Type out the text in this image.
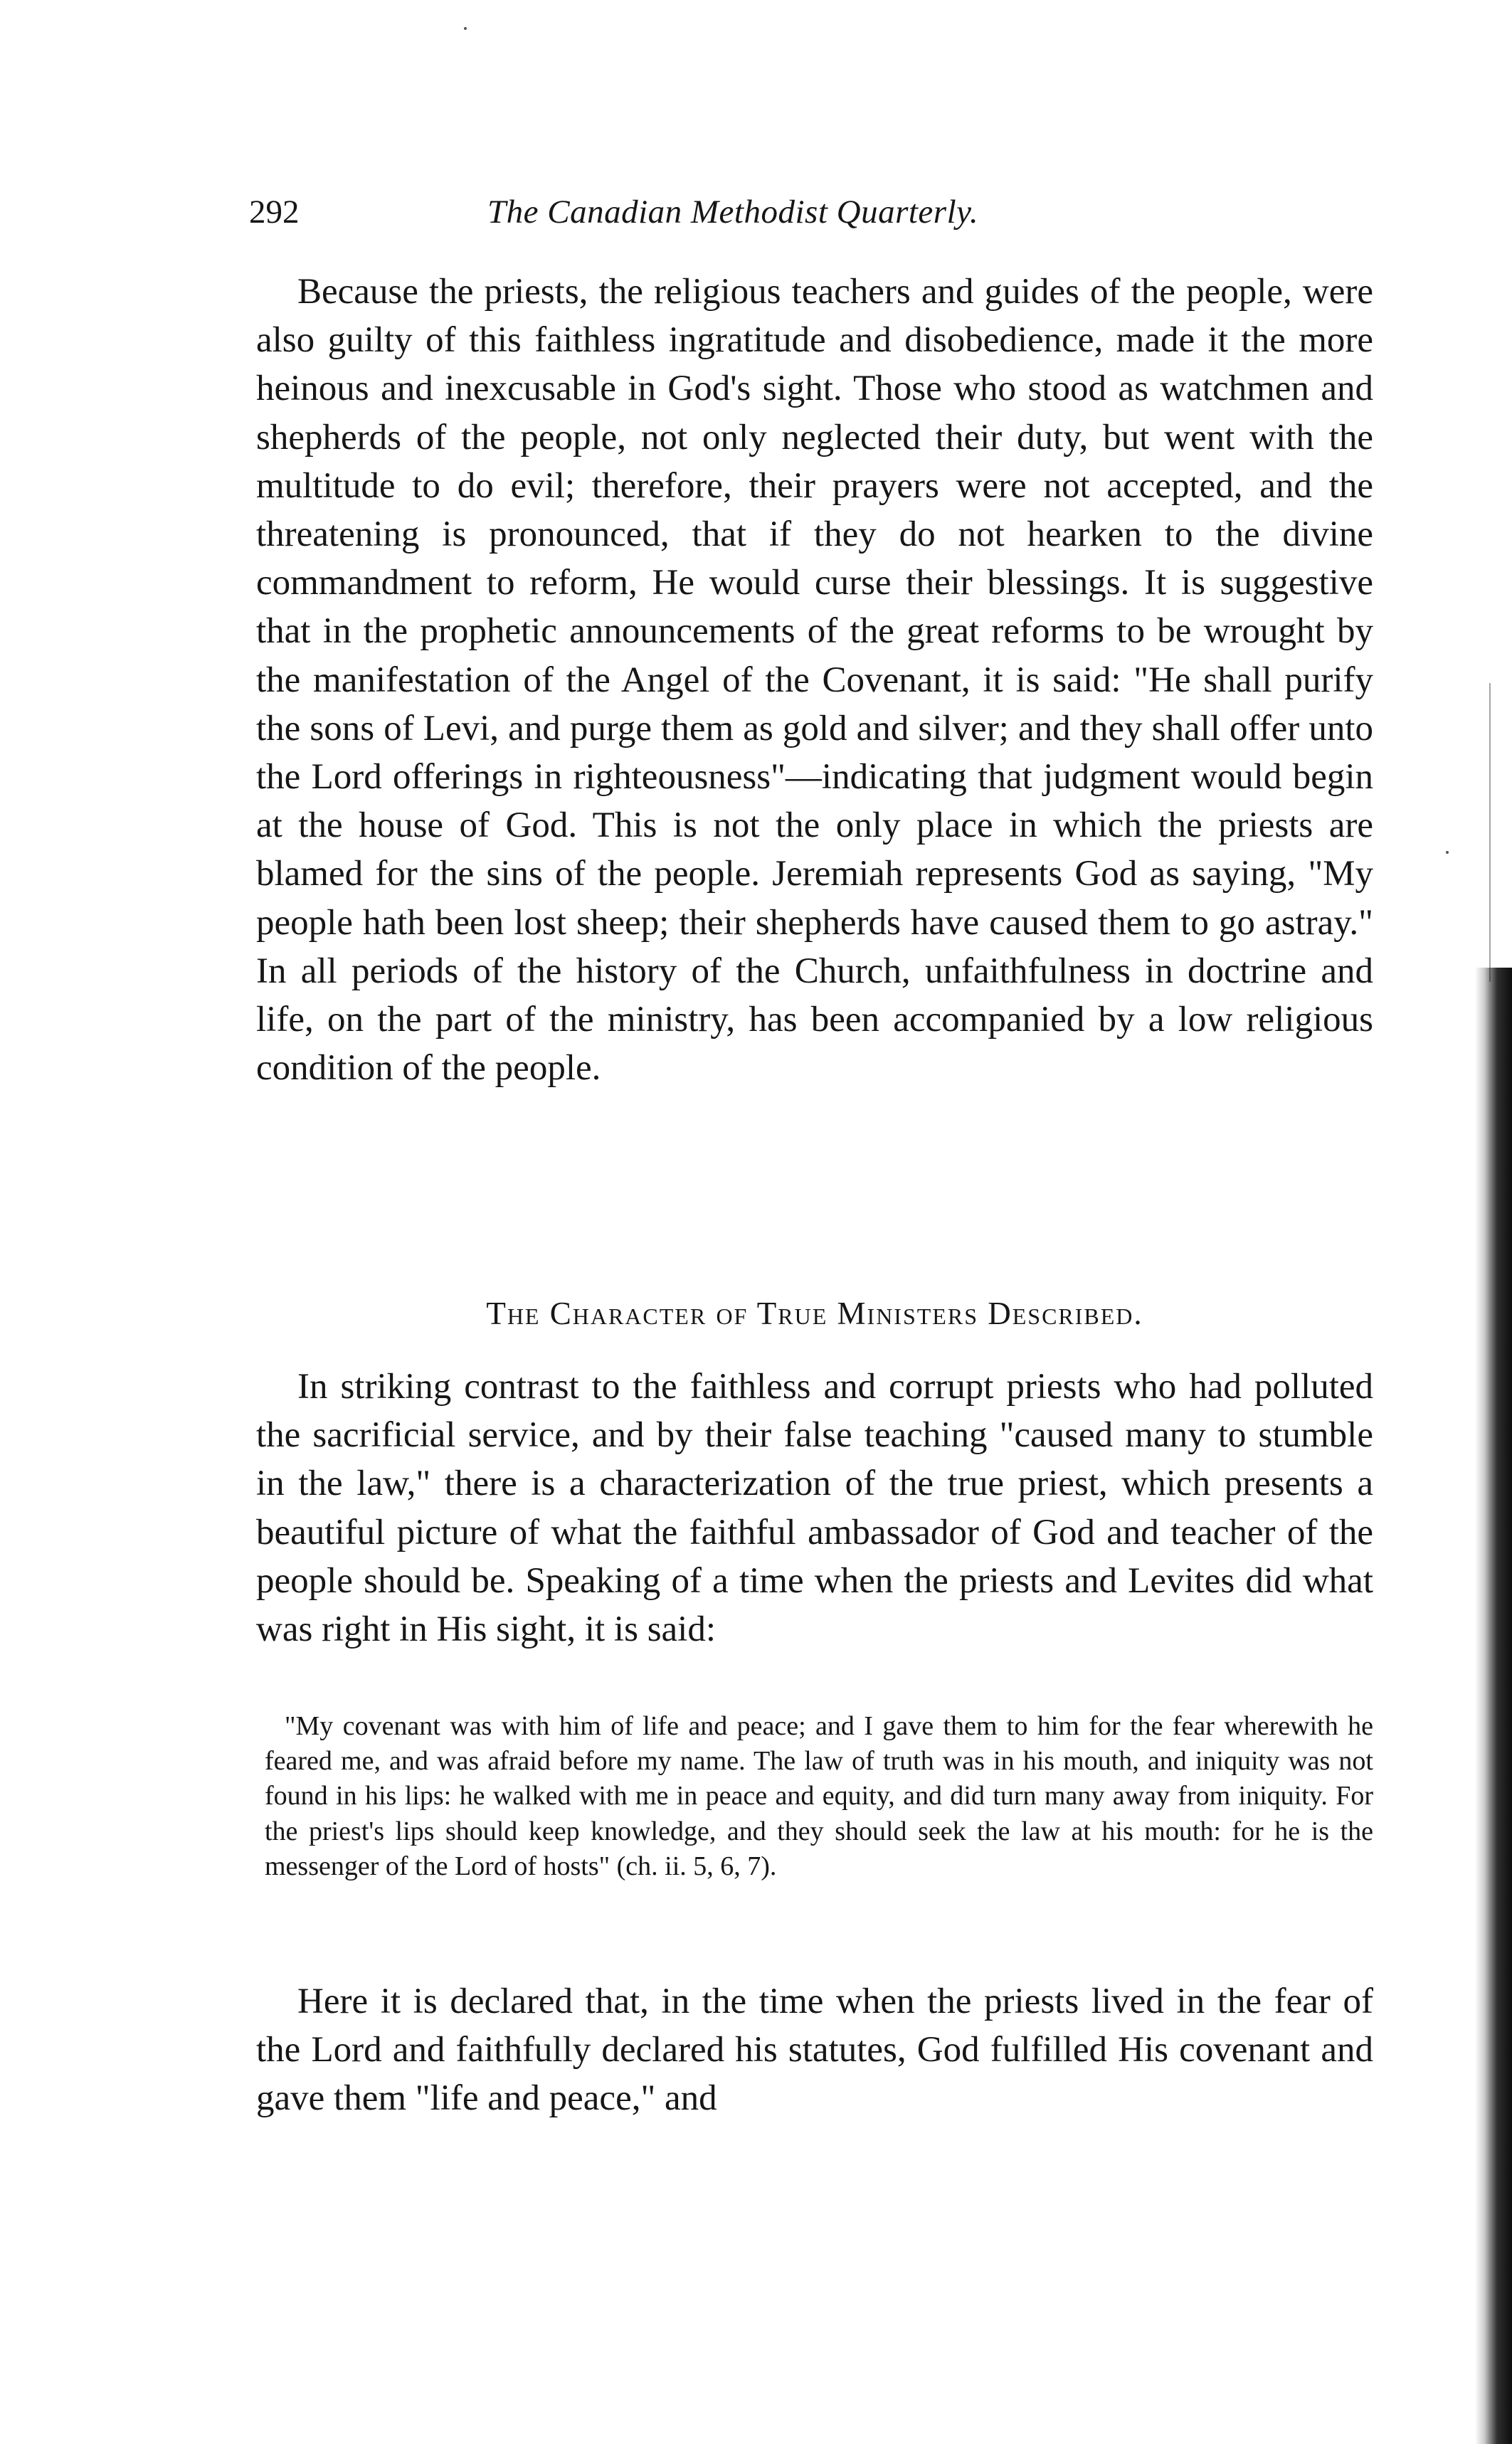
292	The Canadian Methodist Quarterly.

Because the priests, the religious teachers and guides of the people, were also guilty of this faithless ingratitude and disobedience, made it the more heinous and inexcusable in God's sight. Those who stood as watchmen and shepherds of the people, not only neglected their duty, but went with the multitude to do evil; therefore, their prayers were not accepted, and the threatening is pronounced, that if they do not hearken to the divine commandment to reform, He would curse their blessings. It is suggestive that in the prophetic announcements of the great reforms to be wrought by the manifestation of the Angel of the Covenant, it is said: "He shall purify the sons of Levi, and purge them as gold and silver; and they shall offer unto the Lord offerings in righteousness"—indicating that judgment would begin at the house of God. This is not the only place in which the priests are blamed for the sins of the people. Jeremiah represents God as saying, "My people hath been lost sheep; their shepherds have caused them to go astray." In all periods of the history of the Church, unfaithfulness in doctrine and life, on the part of the ministry, has been accompanied by a low religious condition of the people.

The Character of True Ministers Described.

In striking contrast to the faithless and corrupt priests who had polluted the sacrificial service, and by their false teaching "caused many to stumble in the law," there is a characterization of the true priest, which presents a beautiful picture of what the faithful ambassador of God and teacher of the people should be. Speaking of a time when the priests and Levites did what was right in His sight, it is said:

"My covenant was with him of life and peace; and I gave them to him for the fear wherewith he feared me, and was afraid before my name. The law of truth was in his mouth, and iniquity was not found in his lips: he walked with me in peace and equity, and did turn many away from iniquity. For the priest's lips should keep knowledge, and they should seek the law at his mouth: for he is the messenger of the Lord of hosts" (ch. ii. 5, 6, 7).

Here it is declared that, in the time when the priests lived in the fear of the Lord and faithfully declared his statutes, God fulfilled His covenant and gave them "life and peace," and
